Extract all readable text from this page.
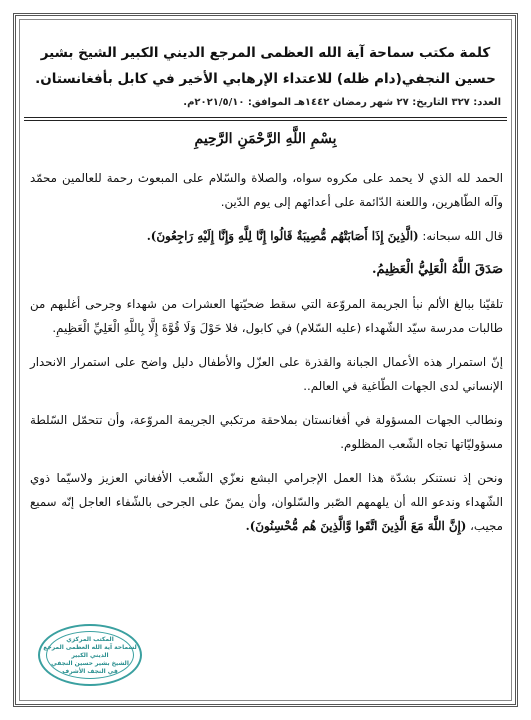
كلمة مكتب سماحة آية الله العظمى المرجع الديني الكبير الشيخ بشير حسين النجفي(دام ظله) للاعتداء الإرهابي الأخير في كابل بأفغانستان.
العدد: ٣٢٧ التاريخ: ٢٧ شهر رمضان ١٤٤٢هـ الموافق: ٢٠٢١/٥/١٠م.
بِسْمِ اللَّهِ الرَّحْمَنِ الرَّحِيمِ

الحمد لله الذي لا يحمد على مكروه سواه، والصلاة والسّلام على المبعوث رحمة للعالمين محمّد وآله الطّاهرين، واللعنة الدّائمة على أعدائهم إلى يوم الدّين.

قال الله سبحانه: (الَّذِينَ إِذَا أَصَابَتْهُم مُّصِيبَةٌ قَالُوا إِنَّا لِلَّهِ وَإِنَّا إِلَيْهِ رَاجِعُونَ).

صَدَقَ اللَّهُ الْعَلِيُّ الْعَظِيمُ.

تلقيّنا ببالغ الألم نبأ الجريمة المروّعة التي سقط ضحيّتها العشرات من شهداء وجرحى أغلبهم من طالبات مدرسة سيّد الشّهداء (عليه السّلام) في كابول، فلا حَوْلَ وَلَا قُوَّةَ إِلَّا بِاللَّهِ الْعَلِيِّ الْعَظِيمِ.

إنّ استمرار هذه الأعمال الجبانة والقذرة على العزّل والأطفال دليل واضح على استمرار الانحدار الإنساني لدى الجهات الطّاغية في العالم..

ونطالب الجهات المسؤولة في أفغانستان بملاحقة مرتكبي الجريمة المروّعة، وأن تتحمّل السّلطة مسؤوليّاتها تجاه الشّعب المظلوم.

ونحن إذ نستنكر بشدّة هذا العمل الإجرامي البشع نعزّي الشّعب الأفغاني العزيز ولاسيّما ذوي الشّهداء وندعو الله أن يلهمهم الصّبر والسّلوان، وأن يمنّ على الجرحى بالشّفاء العاجل إنّه سميع مجيب، (إِنَّ اللَّهَ مَعَ الَّذِينَ اتَّقَوا وَّالَّذِينَ هُم مُّحْسِنُونَ).

المكتب المركزي
لسماحة آية الله العظمى المرجع الديني الكبير
الشيخ بشير حسين النجفي
في النجف الأشرف
